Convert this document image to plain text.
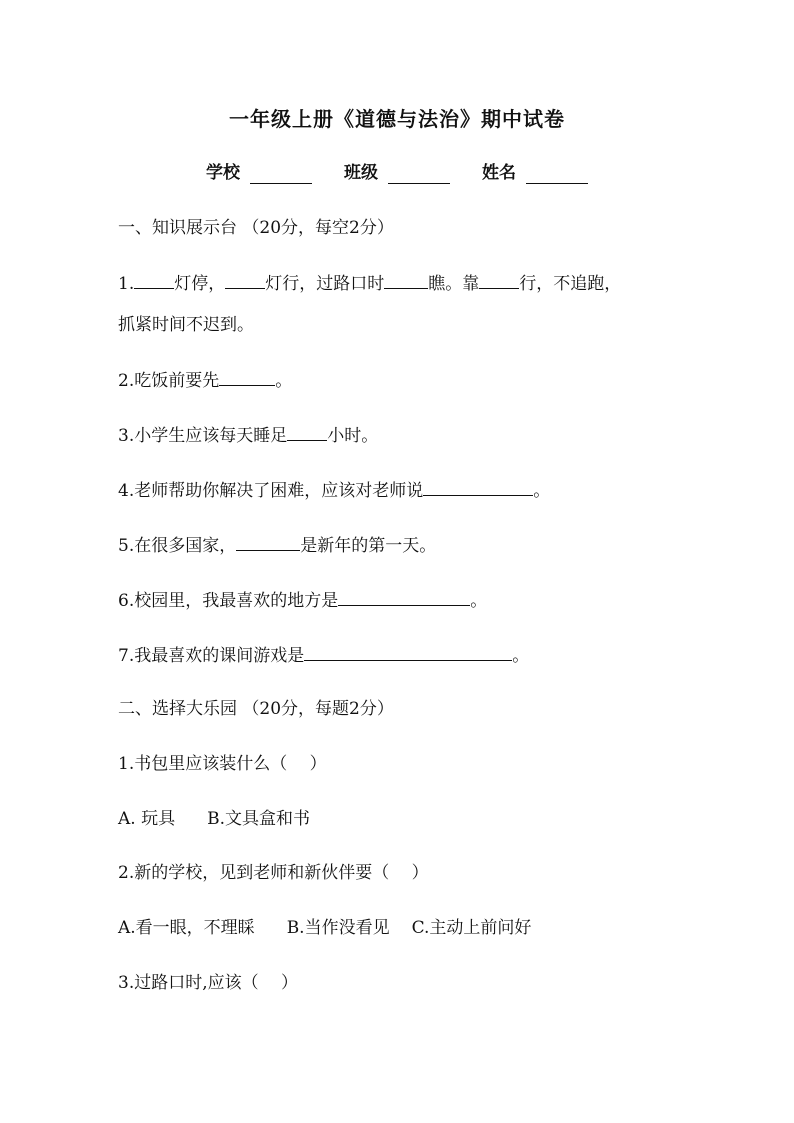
一年级上册《道德与法治》期中试卷
学校	班级	姓名
一、知识展示台 （20分，每空2分）
1. 灯停， 灯行，过路口时	瞧。靠 行，不追跑，
抓紧时间不迟到。
2.吃饭前要先	。
3.小学生应该每天睡足 小时。
4.老师帮助你解决了困难，应该对老师说	。
5.在很多国家，	是新年的第一天。
6.校园里，我最喜欢的地方是	。
7.我最喜欢的课间游戏是	。
二、选择大乐园 （20分，每题2分）
1.书包里应该装什么（　 ）
A. 玩具 B.文具盒和书
2.新的学校，见到老师和新伙伴要（　 ）
A.看一眼，不理睬 B.当作没看见 C.主动上前问好
3.过路口时,应该（　 ）
